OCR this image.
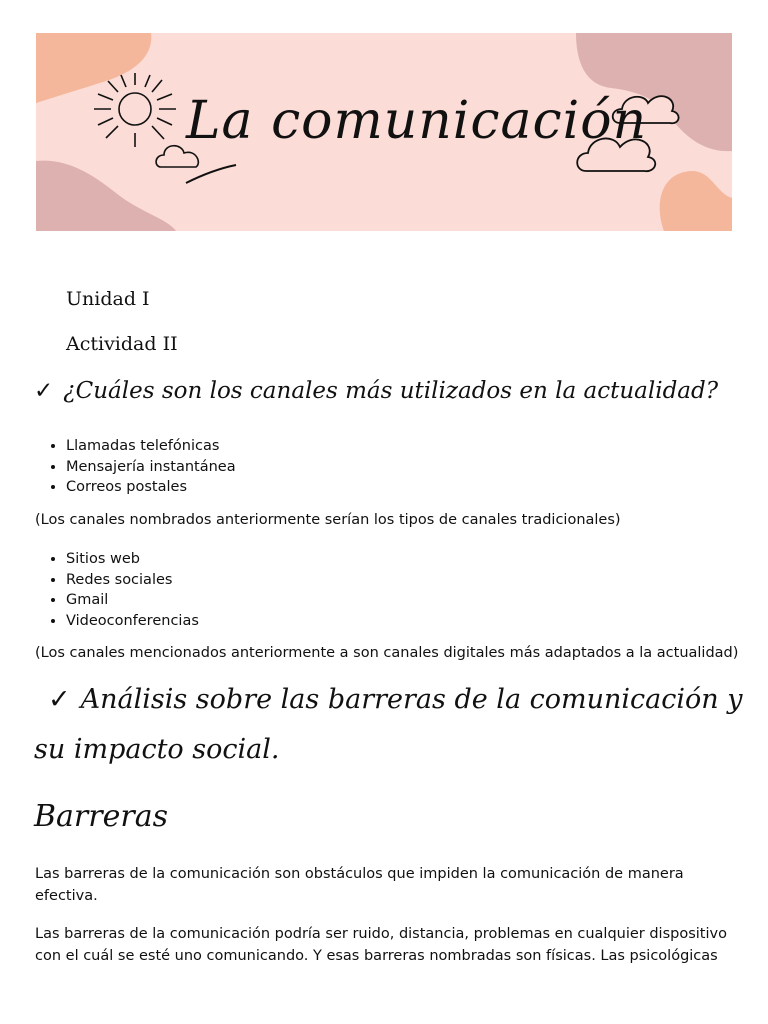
La comunicación
Unidad I
Actividad II
✓ ¿Cuáles son los canales más utilizados en la actualidad?
• Llamadas telefónicas
• Mensajería instantánea
• Correos postales
(Los canales nombrados anteriormente serían los tipos de canales tradicionales)
• Sitios web
• Redes sociales
• Gmail
• Videoconferencias
(Los canales mencionados anteriormente a son canales digitales más adaptados a la actualidad)
✓ Análisis sobre las barreras de la comunicación y
su impacto social.
Barreras
Las barreras de la comunicación son obstáculos que impiden la comunicación de manera efectiva.
Las barreras de la comunicación podría ser ruido, distancia, problemas en cualquier dispositivo con el cuál se esté uno comunicando. Y esas barreras nombradas son físicas. Las psicológicas
